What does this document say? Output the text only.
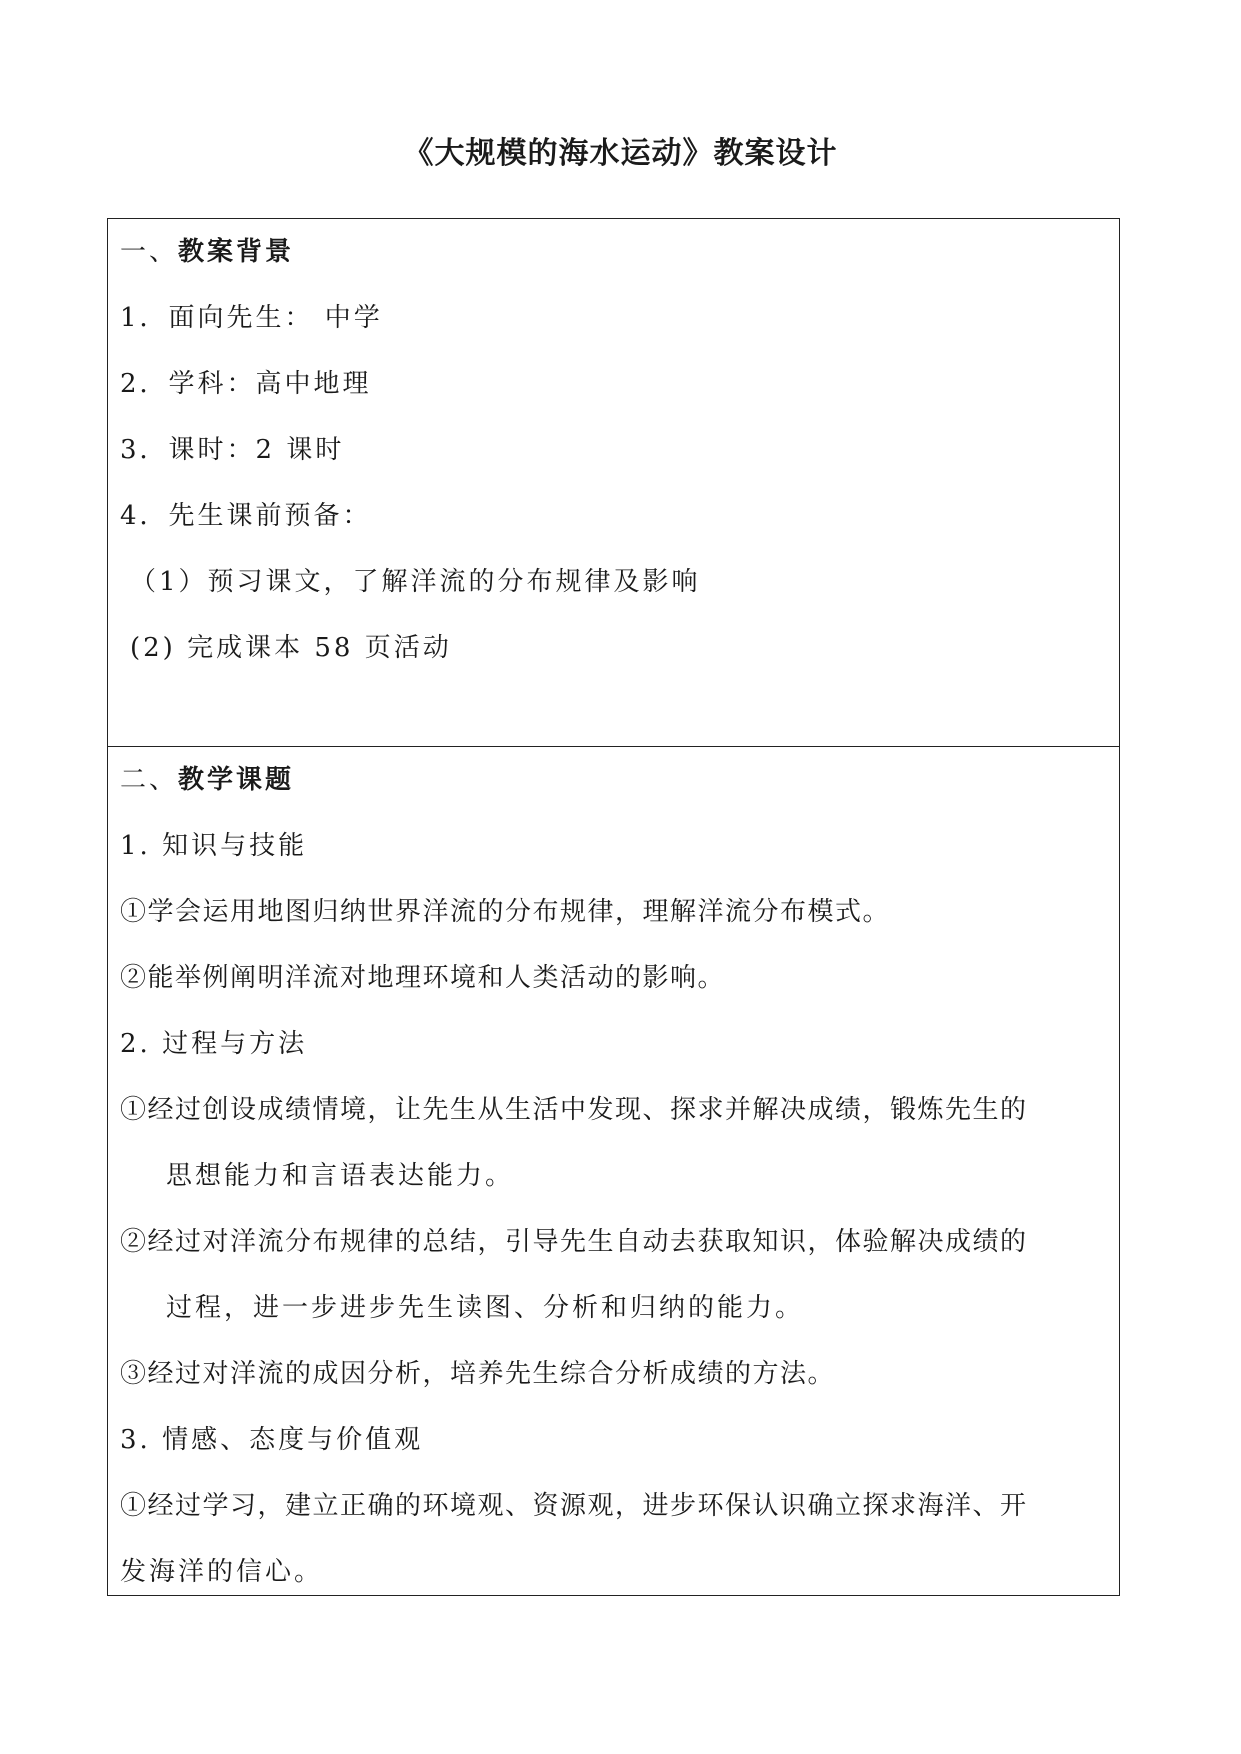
《大规模的海水运动》教案设计
一、教案背景
1．面向先生： 中学
2．学科：高中地理
3．课时：2 课时
4．先生课前预备：
（1）预习课文，了解洋流的分布规律及影响
(2) 完成课本 58 页活动
二、教学课题
1. 知识与技能
①学会运用地图归纳世界洋流的分布规律，理解洋流分布模式。
②能举例阐明洋流对地理环境和人类活动的影响。
2. 过程与方法
①经过创设成绩情境，让先生从生活中发现、探求并解决成绩，锻炼先生的
思想能力和言语表达能力。
②经过对洋流分布规律的总结，引导先生自动去获取知识，体验解决成绩的
过程，进一步进步先生读图、分析和归纳的能力。
③经过对洋流的成因分析，培养先生综合分析成绩的方法。
3. 情感、态度与价值观
①经过学习，建立正确的环境观、资源观，进步环保认识确立探求海洋、开
发海洋的信心。
